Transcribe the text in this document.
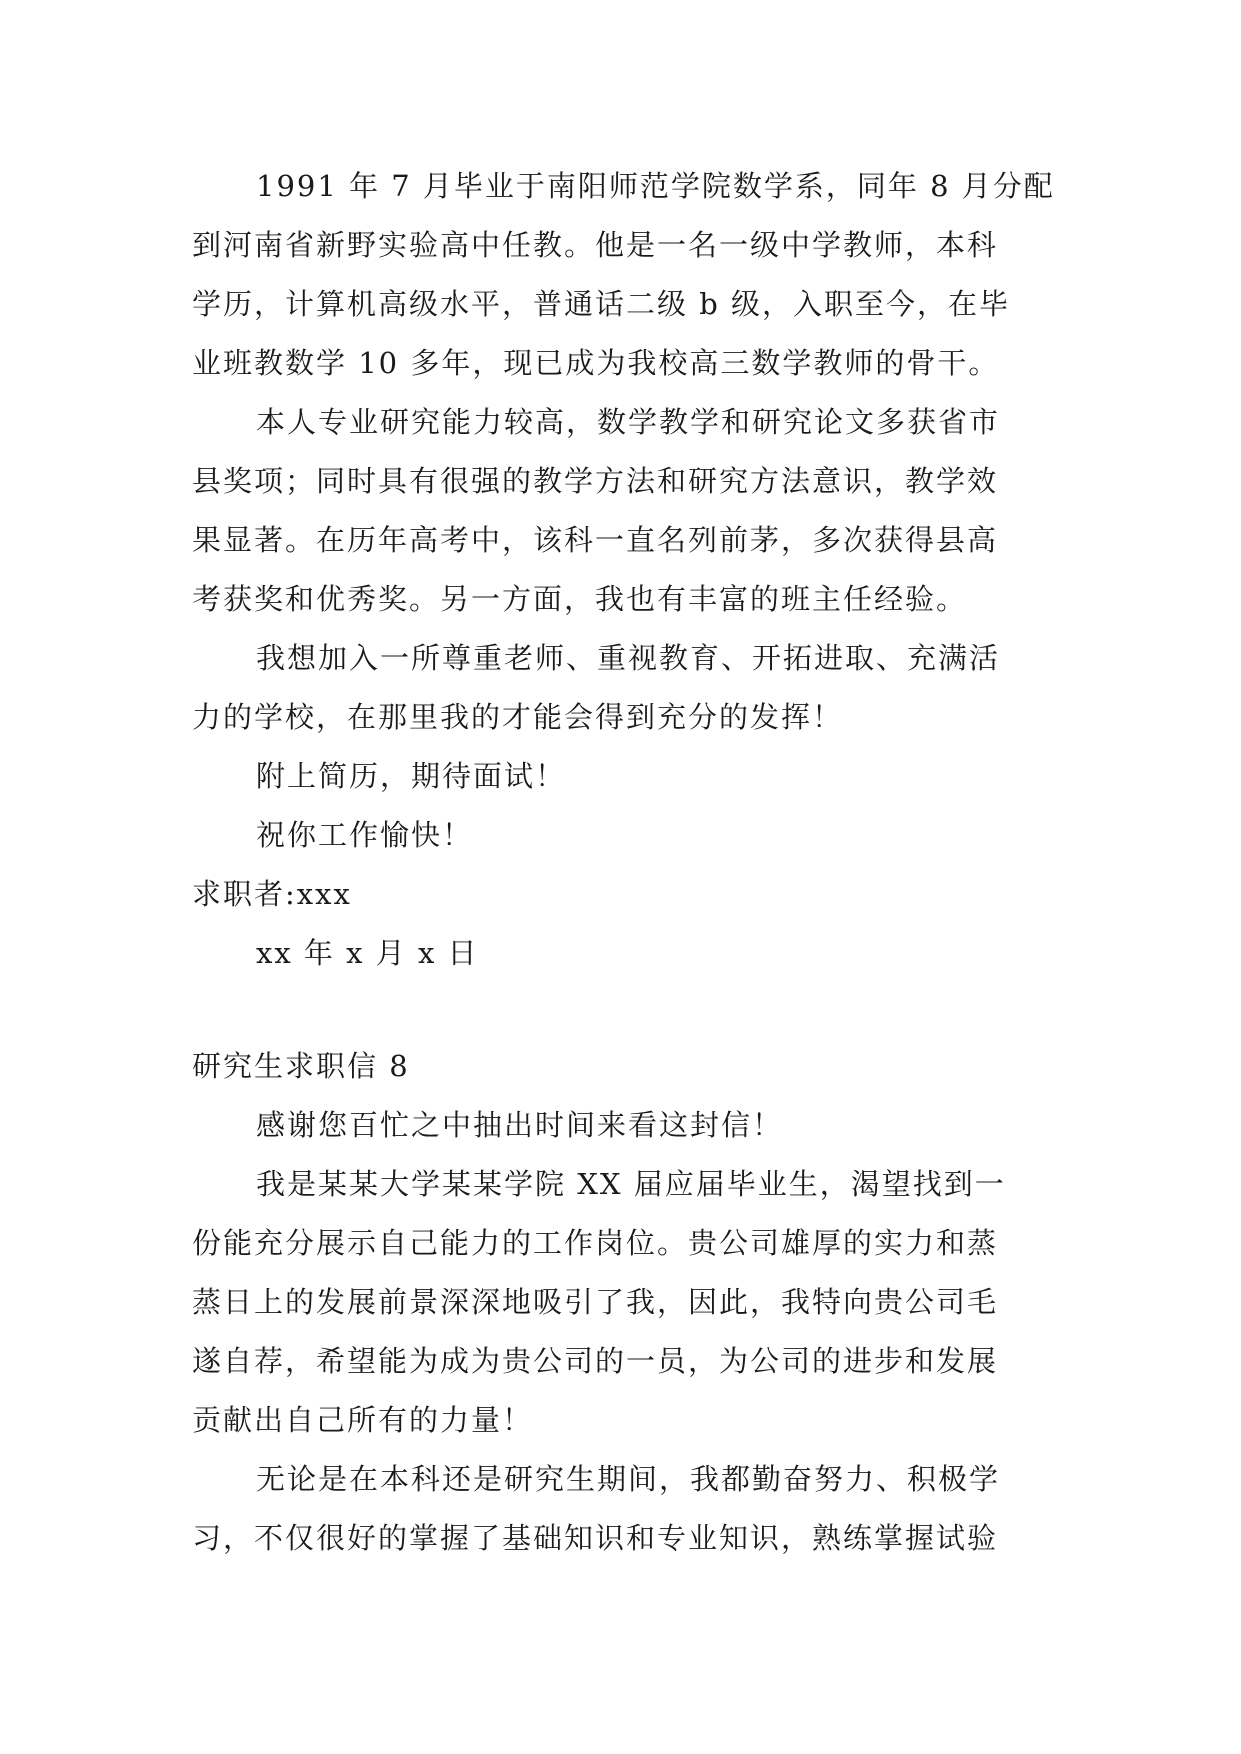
1991 年 7 月毕业于南阳师范学院数学系，同年 8 月分配
到河南省新野实验高中任教。他是一名一级中学教师，本科
学历，计算机高级水平，普通话二级 b 级，入职至今，在毕
业班教数学 10 多年，现已成为我校高三数学教师的骨干。
本人专业研究能力较高，数学教学和研究论文多获省市
县奖项；同时具有很强的教学方法和研究方法意识，教学效
果显著。在历年高考中，该科一直名列前茅，多次获得县高
考获奖和优秀奖。另一方面，我也有丰富的班主任经验。
我想加入一所尊重老师、重视教育、开拓进取、充满活
力的学校，在那里我的才能会得到充分的发挥！
附上简历，期待面试！
祝你工作愉快！
求职者:xxx
xx 年 x 月 x 日
研究生求职信 8
感谢您百忙之中抽出时间来看这封信！
我是某某大学某某学院 XX 届应届毕业生，渴望找到一
份能充分展示自己能力的工作岗位。贵公司雄厚的实力和蒸
蒸日上的发展前景深深地吸引了我，因此，我特向贵公司毛
遂自荐，希望能为成为贵公司的一员，为公司的进步和发展
贡献出自己所有的力量！
无论是在本科还是研究生期间，我都勤奋努力、积极学
习，不仅很好的掌握了基础知识和专业知识，熟练掌握试验
